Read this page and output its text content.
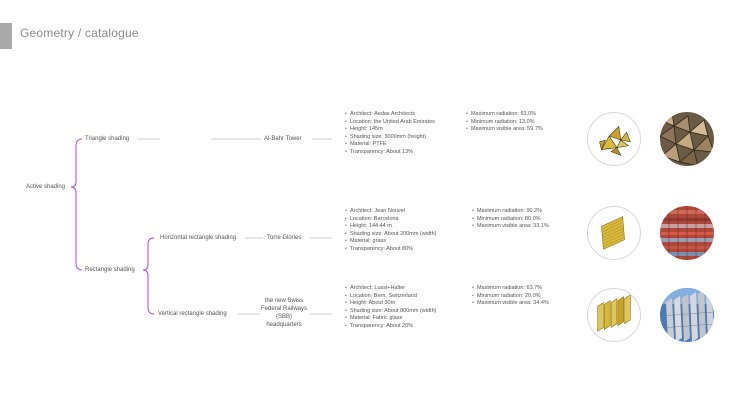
Geometry / catalogue
Active shading
Triangle shading
Rectangle shading
Horizontal rectangle shading
Vertical rectangle shading
Al-Bahr Tower
Torre Glòries
the new Swiss Federal Railways (SBB) headquarters
• Architect: Aedas Architects
• Location: the United Arab Emirates
• Height: 145m
• Shading size: 3000mm (height)
• Material: PTFE
• Transparency: About 13%
• Maximum radiation: 63.0%
• Minimum radiation: 13.0%
• Maximum visible area: 59.7%
• Architect: Jean Nouvel
• Location: Barcelona
• Height: 144.44 m
• Shading size: About 200mm (width)
• Material: grass
• Transparency: About 80%
• Maximum radiation: 90.2%
• Minimum radiation: 80.0%
• Maximum visible area: 33.1%
• Architect: Lussi+Halter
• Location: Bern, Switzerland
• Height: About 30m
• Shading size: About 800mm (width)
• Material: Fabric glass
• Transparency: About 20%
• Maximum radiation: 63.7%
• Minimum radiation: 20.0%
• Maximum visible area: 34.4%
